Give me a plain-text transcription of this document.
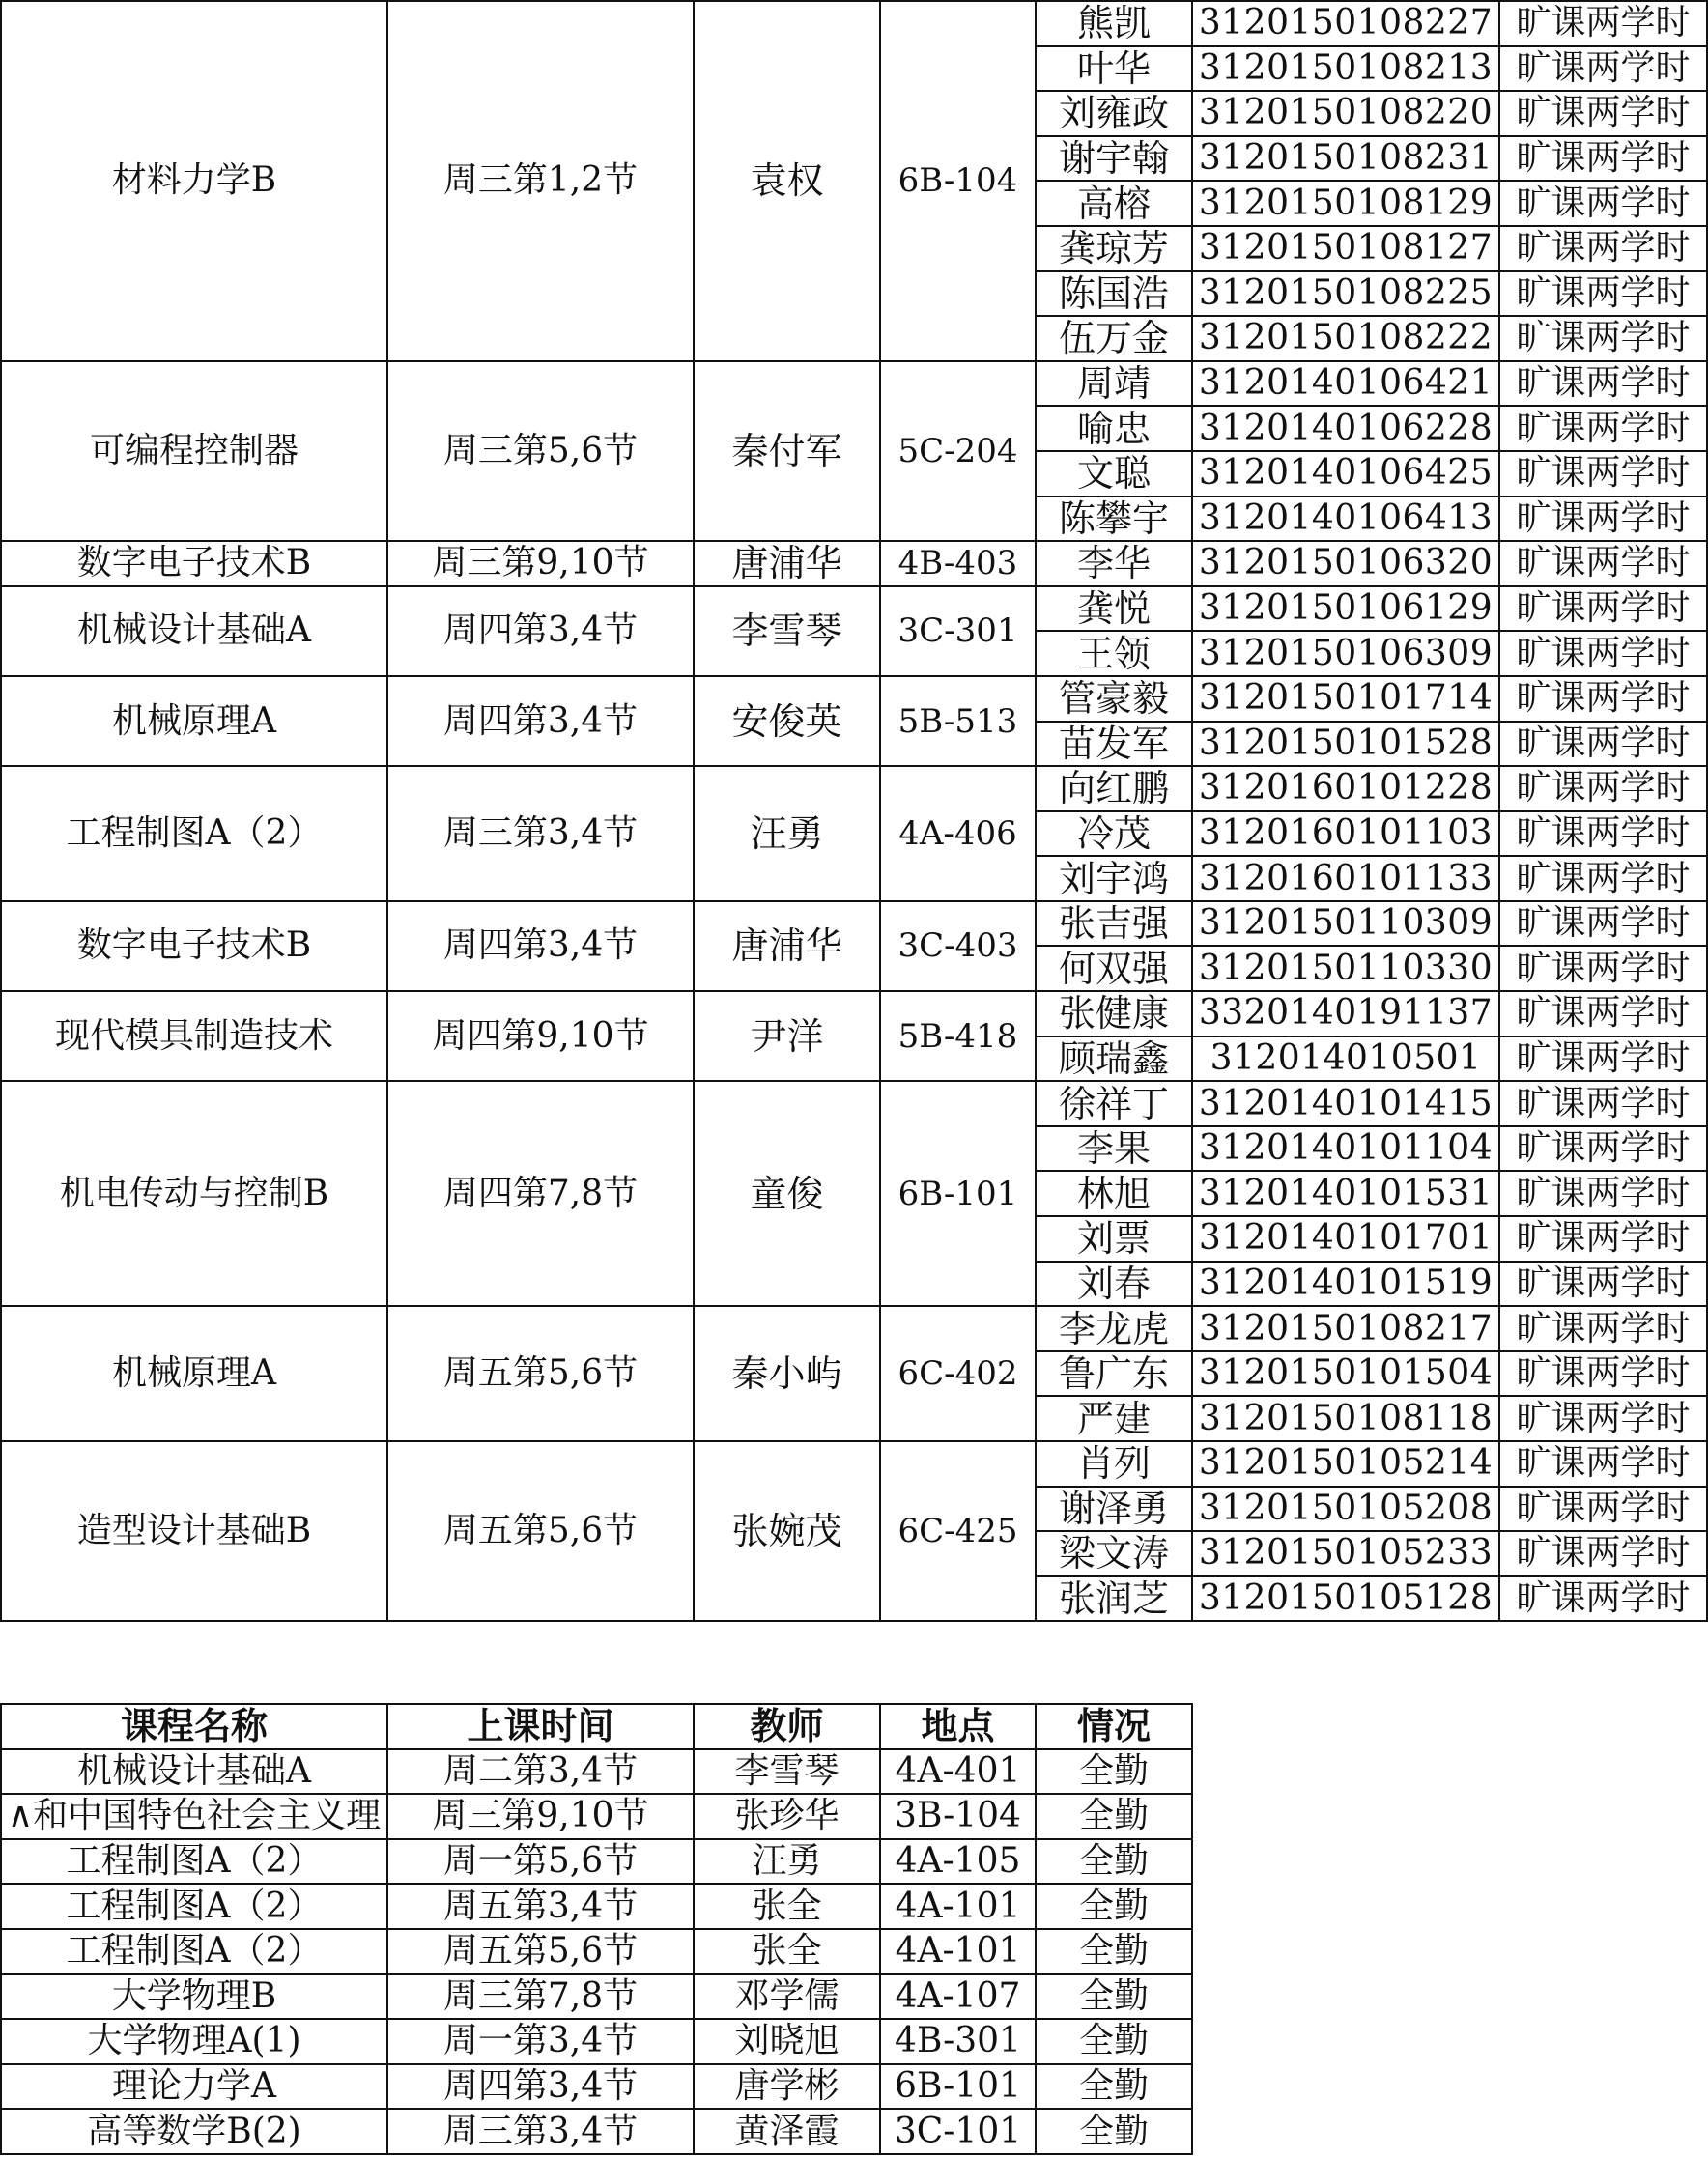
材料力学B	周三第1,2节	袁权	6B-104	熊凯	3120150108227	旷课两学时
				叶华	3120150108213	旷课两学时
				刘雍政	3120150108220	旷课两学时
				谢宇翰	3120150108231	旷课两学时
				高榕	3120150108129	旷课两学时
				龚琼芳	3120150108127	旷课两学时
				陈国浩	3120150108225	旷课两学时
				伍万金	3120150108222	旷课两学时
可编程控制器	周三第5,6节	秦付军	5C-204	周靖	3120140106421	旷课两学时
				喻忠	3120140106228	旷课两学时
				文聪	3120140106425	旷课两学时
				陈攀宇	3120140106413	旷课两学时
数字电子技术B	周三第9,10节	唐浦华	4B-403	李华	3120150106320	旷课两学时
机械设计基础A	周四第3,4节	李雪琴	3C-301	龚悦	3120150106129	旷课两学时
				王领	3120150106309	旷课两学时
机械原理A	周四第3,4节	安俊英	5B-513	管豪毅	3120150101714	旷课两学时
				苗发军	3120150101528	旷课两学时
工程制图A（2）	周三第3,4节	汪勇	4A-406	向红鹏	3120160101228	旷课两学时
				冷茂	3120160101103	旷课两学时
				刘宇鸿	3120160101133	旷课两学时
数字电子技术B	周四第3,4节	唐浦华	3C-403	张吉强	3120150110309	旷课两学时
				何双强	3120150110330	旷课两学时
现代模具制造技术	周四第9,10节	尹洋	5B-418	张健康	3320140191137	旷课两学时
				顾瑞鑫	312014010501	旷课两学时
机电传动与控制B	周四第7,8节	童俊	6B-101	徐祥丁	3120140101415	旷课两学时
				李果	3120140101104	旷课两学时
				林旭	3120140101531	旷课两学时
				刘票	3120140101701	旷课两学时
				刘春	3120140101519	旷课两学时
机械原理A	周五第5,6节	秦小屿	6C-402	李龙虎	3120150108217	旷课两学时
				鲁广东	3120150101504	旷课两学时
				严建	3120150108118	旷课两学时
造型设计基础B	周五第5,6节	张婉茂	6C-425	肖列	3120150105214	旷课两学时
				谢泽勇	3120150105208	旷课两学时
				梁文涛	3120150105233	旷课两学时
				张润芝	3120150105128	旷课两学时
课程名称	上课时间	教师	地点	情况
机械设计基础A	周二第3,4节	李雪琴	4A-401	全勤
∧和中国特色社会主义理	周三第9,10节	张珍华	3B-104	全勤
工程制图A（2）	周一第5,6节	汪勇	4A-105	全勤
工程制图A（2）	周五第3,4节	张全	4A-101	全勤
工程制图A（2）	周五第5,6节	张全	4A-101	全勤
大学物理B	周三第7,8节	邓学儒	4A-107	全勤
大学物理A(1)	周一第3,4节	刘晓旭	4B-301	全勤
理论力学A	周四第3,4节	唐学彬	6B-101	全勤
高等数学B(2)	周三第3,4节	黄泽霞	3C-101	全勤
